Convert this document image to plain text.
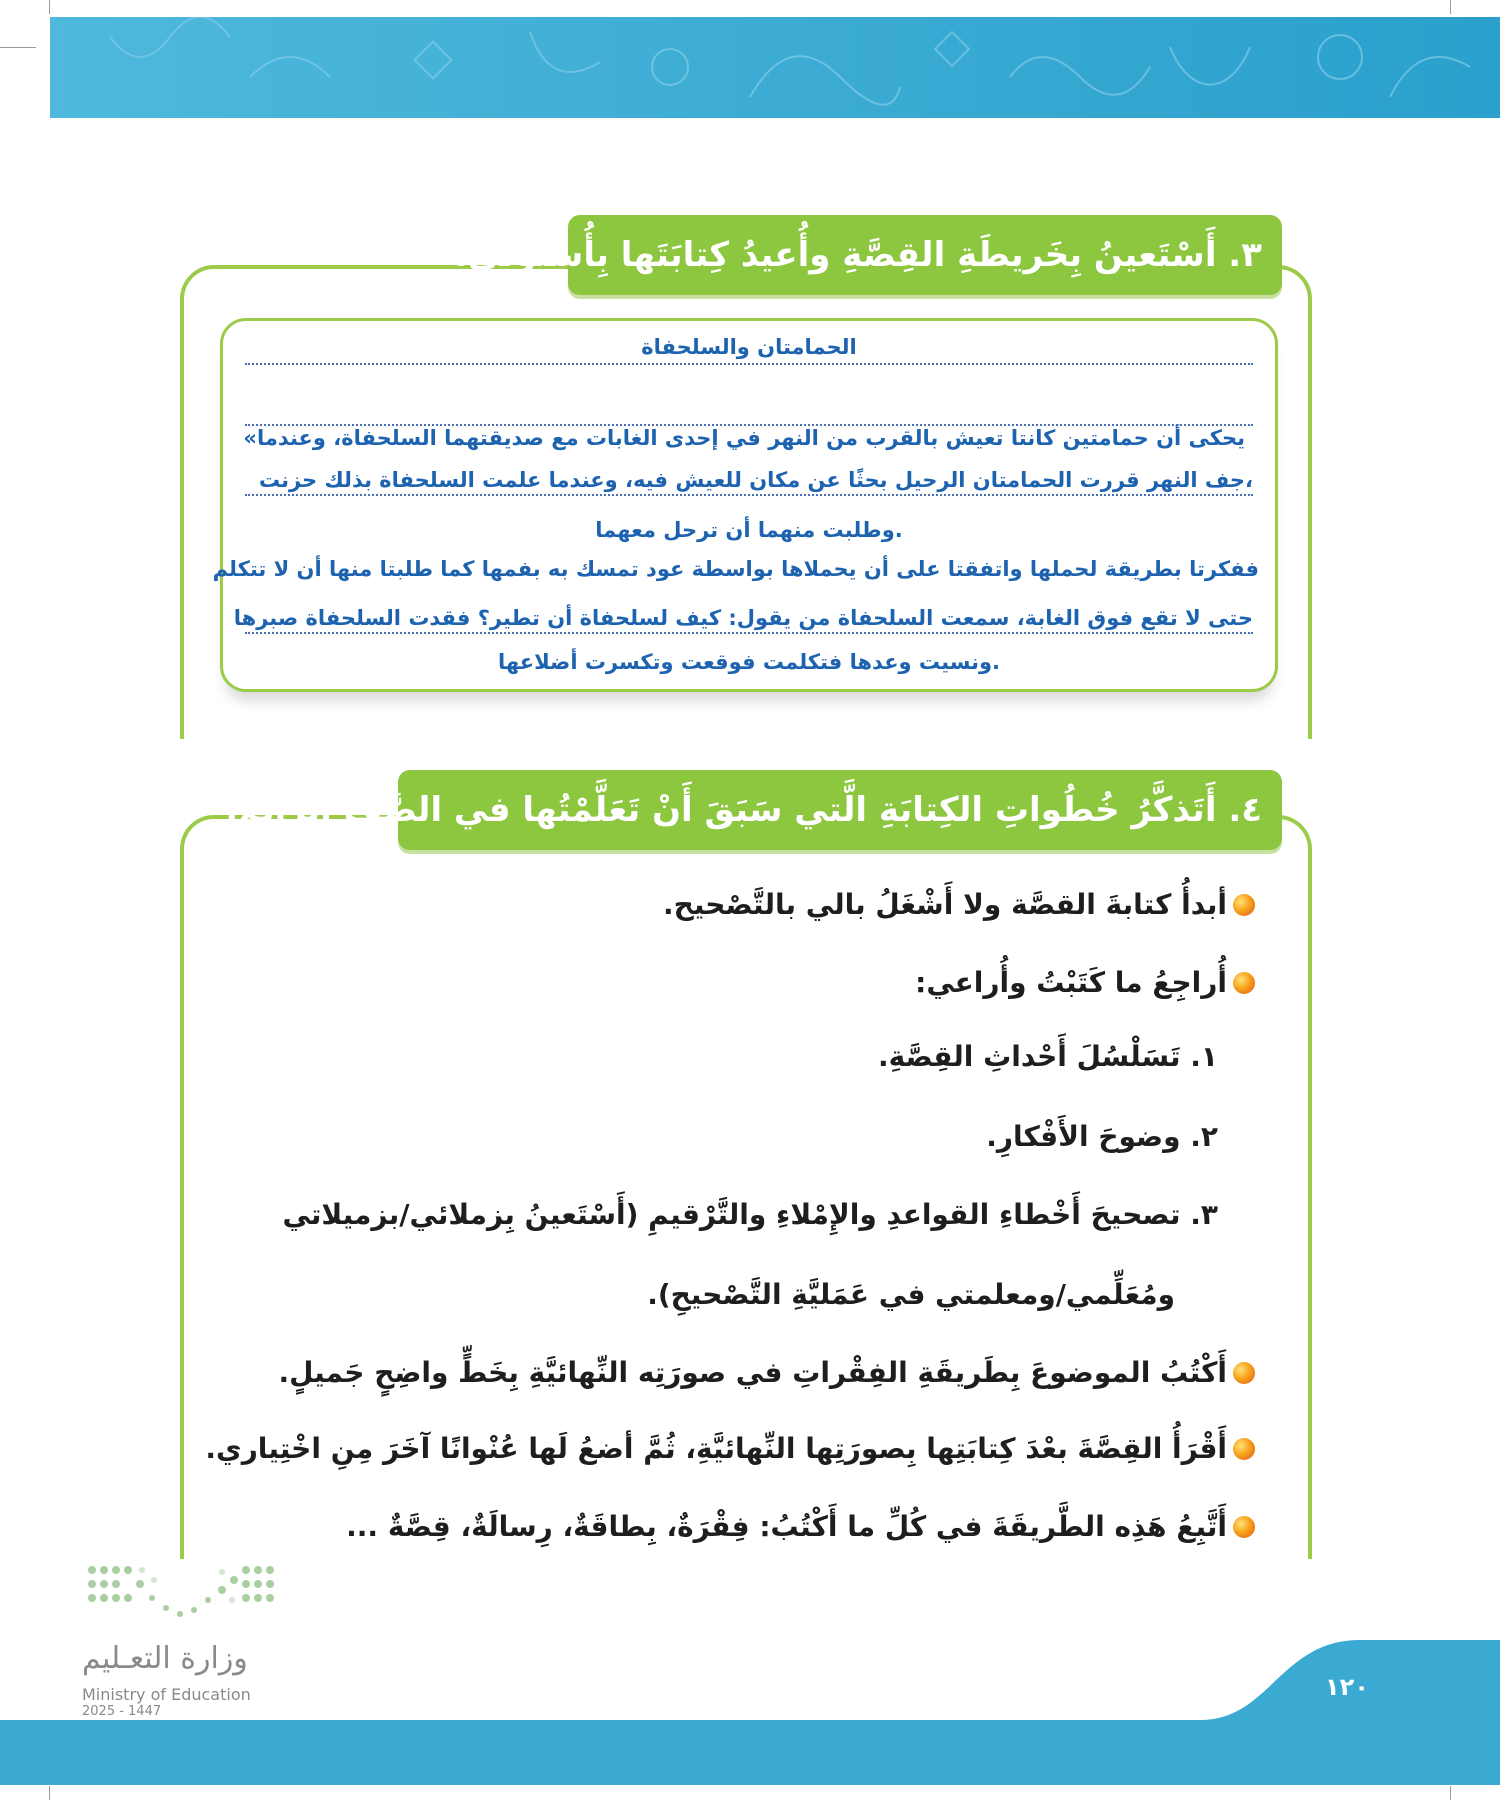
٣. أَسْتَعينُ بِخَريطَةِ القِصَّةِ وأُعيدُ كِتابَتَها بِأُسْلوبي.
الحمامتان والسلحفاة
يحكى أن حمامتين كانتا تعيش بالقرب من النهر في إحدى الغابات مع صديقتهما السلحفاة، وعندما»
،جف النهر قررت الحمامتان الرحيل بحثًا عن مكان للعيش فيه، وعندما علمت السلحفاة بذلك حزنت
.وطلبت منهما أن ترحل معهما
ففكرتا بطريقة لحملها واتفقتا على أن يحملاها بواسطة عود تمسك به بفمها كما طلبتا منها أن لا تتكلم
حتى لا تقع فوق الغابة، سمعت السلحفاة من يقول: كيف لسلحفاة أن تطير؟ فقدت السلحفاة صبرها
.ونسيت وعدها فتكلمت فوقعت وتكسرت أضلاعها
٤. أَتَذكَّرُ خُطُواتِ الكِتابَةِ الَّتي سَبَقَ أَنْ تَعَلَّمْتُها في الصَّفِّ الرَّابِعِ:
أبدأُ كتابةَ القصَّة ولا أَشْغَلُ بالي بالتَّصْحيح.
أُراجِعُ ما كَتَبْتُ وأُراعي:
١. تَسَلْسُلَ أَحْداثِ القِصَّةِ.
٢. وضوحَ الأَفْكارِ.
٣. تصحيحَ أَخْطاءِ القواعدِ والإِمْلاءِ والتَّرْقيمِ (أَسْتَعينُ بِزملائي/بزميلاتي
ومُعَلِّمي/ومعلمتي في عَمَليَّةِ التَّصْحيحِ).
أَكْتُبُ الموضوعَ بِطَريقَةِ الفِقْراتِ في صورَتِه النِّهائيَّةِ بِخَطٍّ واضِحٍ جَميلٍ.
أَقْرَأُ القِصَّةَ بعْدَ كِتابَتِها بِصورَتِها النِّهائيَّةِ، ثُمَّ أضعُ لَها عُنْوانًا آخَرَ مِنِ اخْتِياري.
أَتَّبِعُ هَذِه الطَّريقَةَ في كُلِّ ما أَكْتُبُ: فِقْرَةٌ، بِطاقَةٌ، رِسالَةٌ، قِصَّةٌ ...
وزارة التعـليم
Ministry of Education
2025 - 1447
١٢٠
